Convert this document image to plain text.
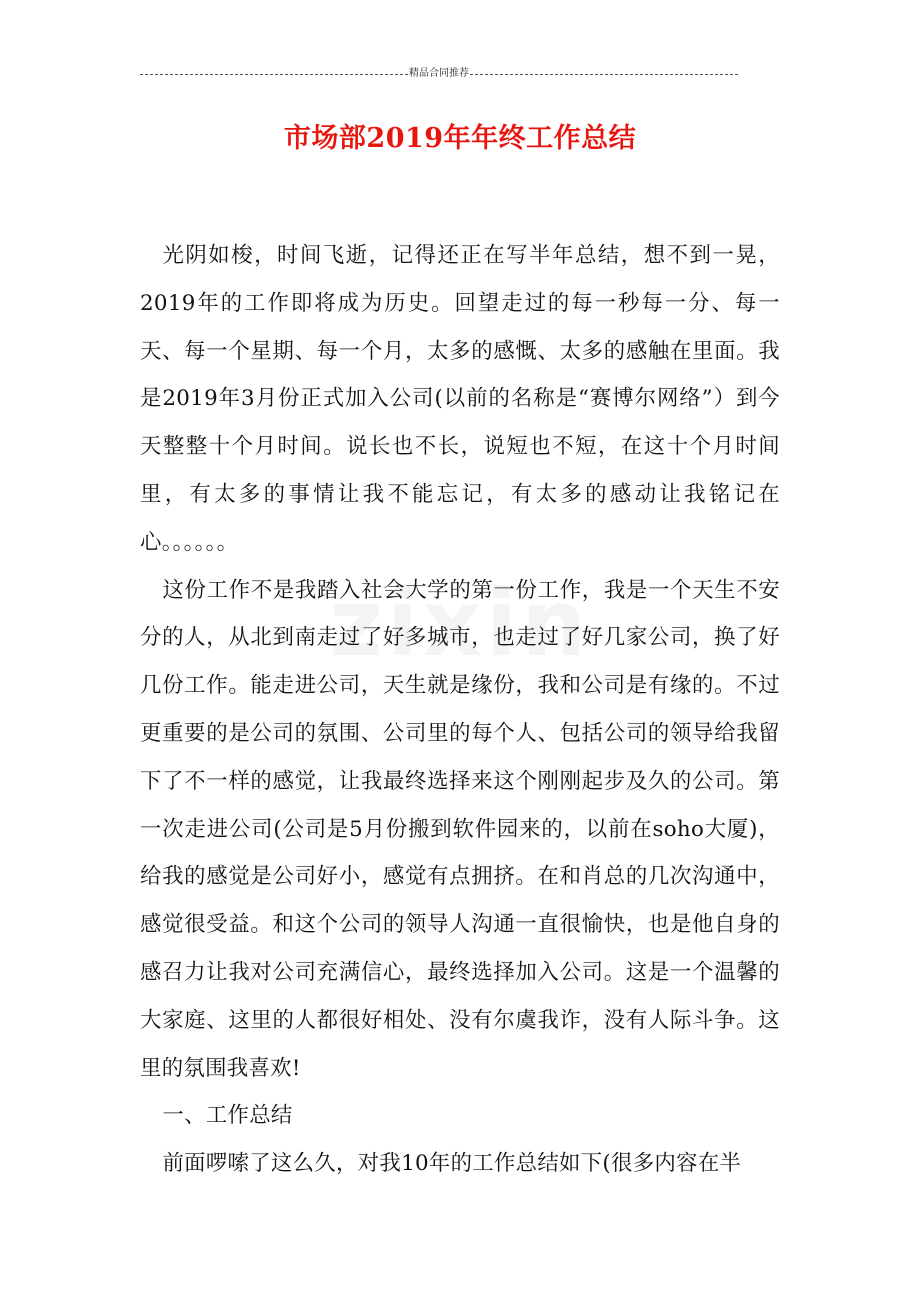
精品合同推荐
市场部2019年年终工作总结

光阴如梭，时间飞逝，记得还正在写半年总结，想不到一晃，2019年的工作即将成为历史。回望走过的每一秒每一分、每一天、每一个星期、每一个月，太多的感慨、太多的感触在里面。我是2019年3月份正式加入公司(以前的名称是“赛博尔网络”）到今天整整十个月时间。说长也不长，说短也不短，在这十个月时间里，有太多的事情让我不能忘记，有太多的感动让我铭记在心。。。。。。

这份工作不是我踏入社会大学的第一份工作，我是一个天生不安分的人，从北到南走过了好多城市，也走过了好几家公司，换了好几份工作。能走进公司，天生就是缘份，我和公司是有缘的。不过更重要的是公司的氛围、公司里的每个人、包括公司的领导给我留下了不一样的感觉，让我最终选择来这个刚刚起步及久的公司。第一次走进公司(公司是5月份搬到软件园来的，以前在soho大厦)，给我的感觉是公司好小，感觉有点拥挤。在和肖总的几次沟通中，感觉很受益。和这个公司的领导人沟通一直很愉快，也是他自身的感召力让我对公司充满信心，最终选择加入公司。这是一个温馨的大家庭、这里的人都很好相处、没有尔虞我诈，没有人际斗争。这里的氛围我喜欢!

一、工作总结

前面啰嗦了这么久，对我10年的工作总结如下(很多内容在半
